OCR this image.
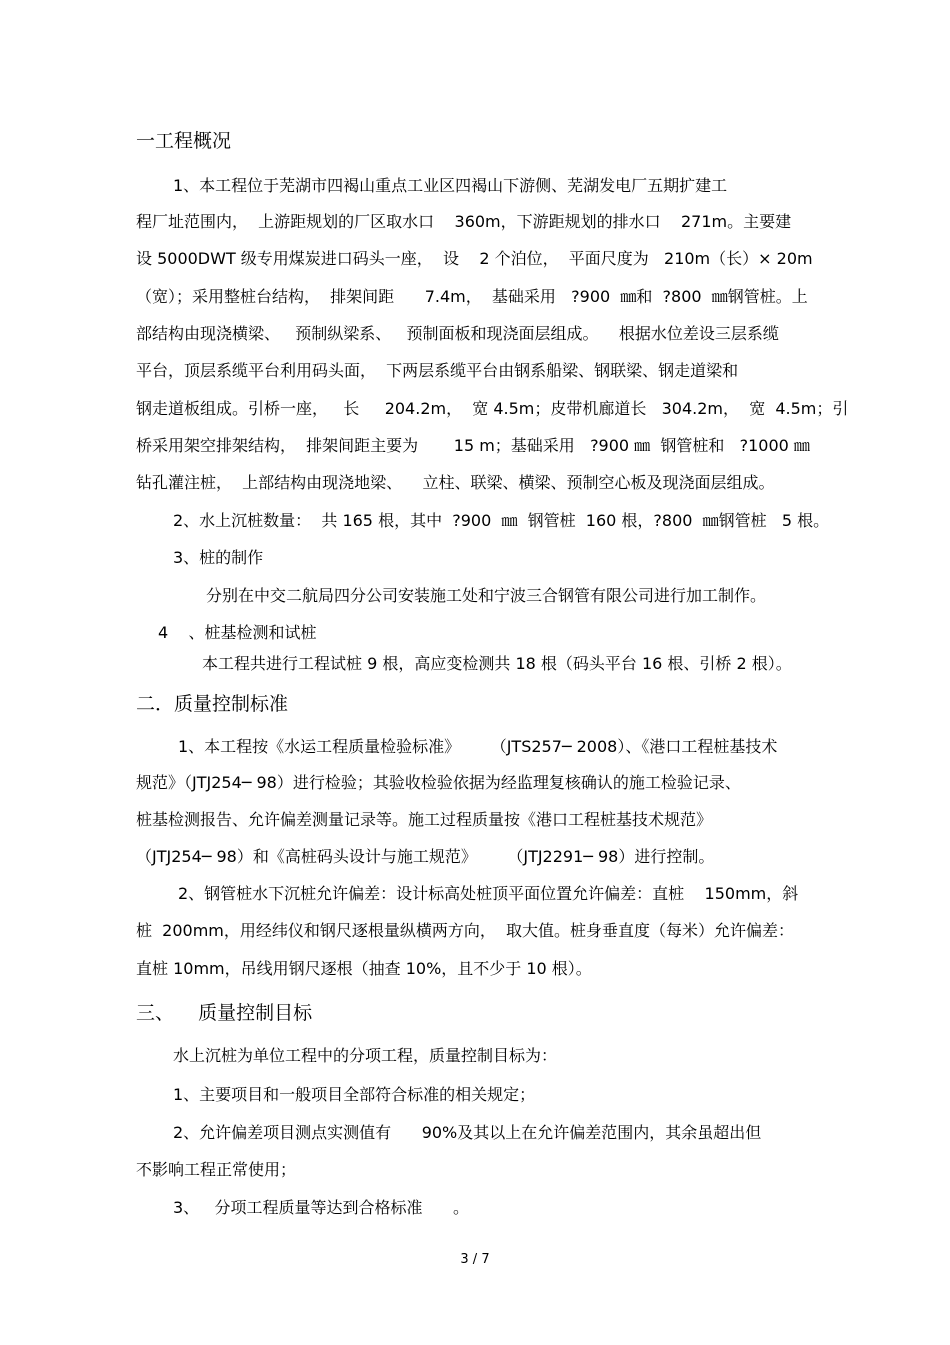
一工程概况
1、本工程位于芜湖市四褐山重点工业区四褐山下游侧、芜湖发电厂五期扩建工
程厂址范围内，  上游距规划的厂区取水口    360m，下游距规划的排水口    271m。主要建
设 5000DWT 级专用煤炭进口码头一座，  设    2 个泊位，  平面尺度为   210m（长）× 20m
（宽）；采用整桩台结构，  排架间距      7.4m，  基础采用   ?900  ㎜和  ?800  ㎜钢管桩。上
部结构由现浇横梁、   预制纵梁系、   预制面板和现浇面层组成。    根据水位差设三层系缆
平台，顶层系缆平台利用码头面，  下两层系缆平台由钢系船梁、钢联梁、钢走道梁和
钢走道板组成。引桥一座，   长     204.2m，  宽 4.5m；皮带机廊道长   304.2m，  宽  4.5m；引
桥采用架空排架结构，  排架间距主要为       15 m；基础采用   ?900 ㎜  钢管桩和   ?1000 ㎜
钻孔灌注桩，  上部结构由现浇地梁、    立柱、联梁、横梁、预制空心板及现浇面层组成。
2、水上沉桩数量：  共 165 根，其中  ?900  ㎜  钢管桩  160 根，?800  ㎜钢管桩   5 根。
3、桩的制作
分别在中交二航局四分公司安装施工处和宁波三合钢管有限公司进行加工制作。
4    、桩基检测和试桩
本工程共进行工程试桩 9 根，高应变检测共 18 根（码头平台 16 根、引桥 2 根）。
二．质量控制标准
1、本工程按《水运工程质量检验标准》      （JTS257─ 2008）、《港口工程桩基技术
规范》（JTJ254─ 98）进行检验；其验收检验依据为经监理复核确认的施工检验记录、
桩基检测报告、允许偏差测量记录等。施工过程质量按《港口工程桩基技术规范》
（JTJ254─ 98）和《高桩码头设计与施工规范》      （JTJ2291─ 98）进行控制。
2、钢管桩水下沉桩允许偏差：设计标高处桩顶平面位置允许偏差：直桩    150mm，斜
桩  200mm，用经纬仪和钢尺逐根量纵横两方向，  取大值。桩身垂直度（每米）允许偏差：
直桩 10mm，吊线用钢尺逐根（抽查 10%，且不少于 10 根）。
三、    质量控制目标
水上沉桩为单位工程中的分项工程，质量控制目标为：
1、主要项目和一般项目全部符合标准的相关规定；
2、允许偏差项目测点实测值有      90%及其以上在允许偏差范围内，其余虽超出但
不影响工程正常使用；
3、   分项工程质量等达到合格标准      。
3 / 7
